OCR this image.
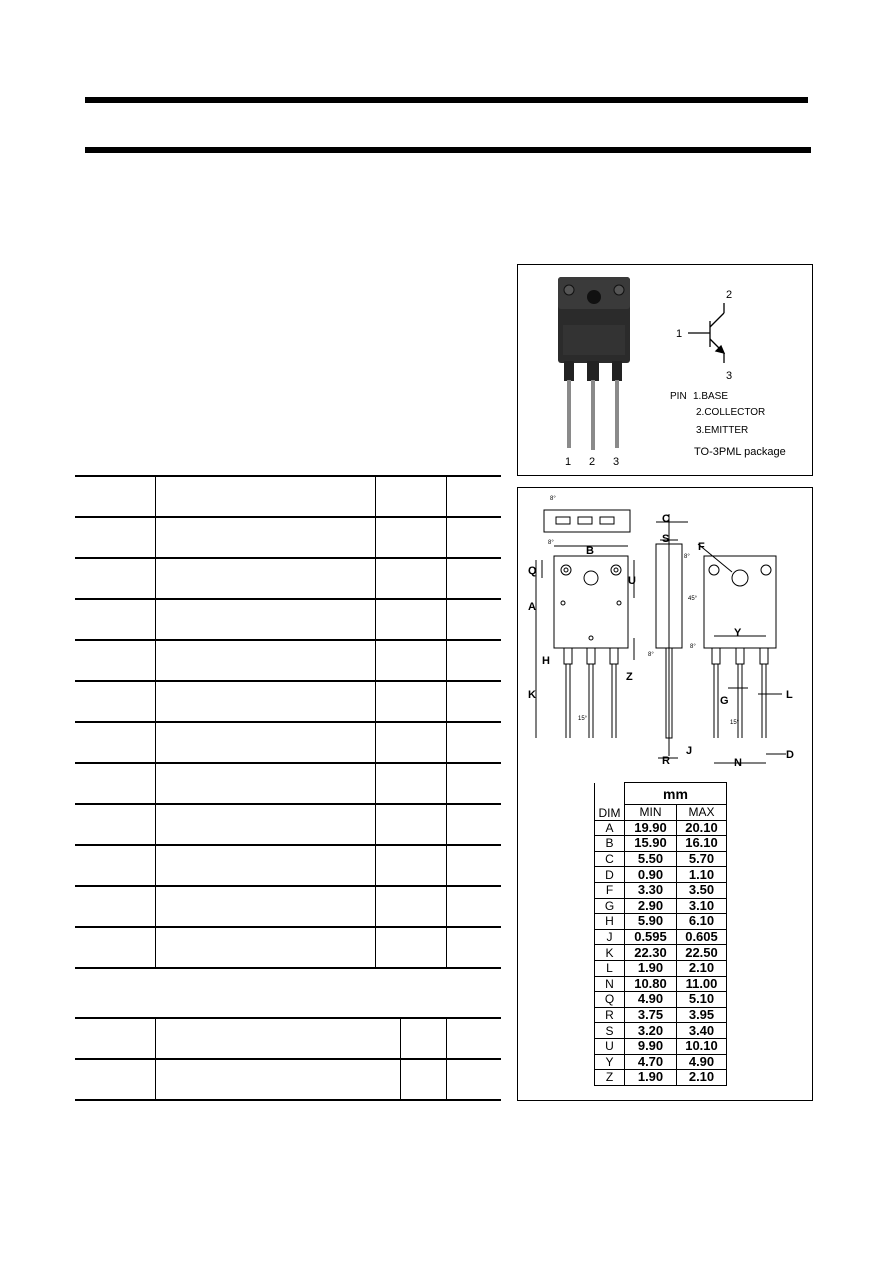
1 2 3
2
1
3
PIN 1.BASE
2.COLLECTOR
3.EMITTER
TO-3PML package
Q
B
A
U
H
K
Z
C
S
J
R
F
Y
G	L
N
D
8°
8°
8°
45°
8°
8°
15°
15°
DIM	mm	
	MIN	MAX
A	19.90	20.10
B	15.90	16.10
C	5.50	5.70
D	0.90	1.10
F	3.30	3.50
G	2.90	3.10
H	5.90	6.10
J	0.595	0.605
K	22.30	22.50
L	1.90	2.10
N	10.80	11.00
Q	4.90	5.10
R	3.75	3.95
S	3.20	3.40
U	9.90	10.10
Y	4.70	4.90
Z	1.90	2.10
